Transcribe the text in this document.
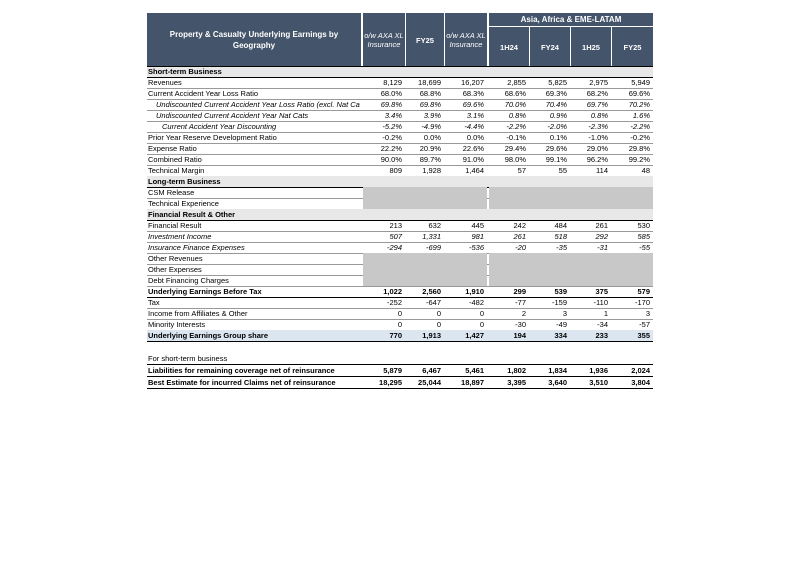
Property & Casualty Underlying Earnings by Geography
Asia, Africa & EME-LATAM
o/w AXA XL Insurance	FY25	o/w AXA XL Insurance	1H24	FY24	1H25	FY25
Short-term Business
Revenues	8,129	18,699	16,207	2,855	5,825	2,975	5,949
Current Accident Year Loss Ratio	68.0%	68.8%	68.3%	68.6%	69.3%	68.2%	69.6%
Undiscounted Current Accident Year Loss Ratio (excl. Nat Ca	69.8%	69.8%	69.6%	70.0%	70.4%	69.7%	70.2%
Undiscounted Current Accident Year Nat Cats	3.4%	3.9%	3.1%	0.8%	0.9%	0.8%	1.6%
Current Accident Year Discounting	-5.2%	-4.9%	-4.4%	-2.2%	-2.0%	-2.3%	-2.2%
Prior Year Reserve Development Ratio	-0.2%	0.0%	0.0%	-0.1%	0.1%	-1.0%	-0.2%
Expense Ratio	22.2%	20.9%	22.6%	29.4%	29.6%	29.0%	29.8%
Combined Ratio	90.0%	89.7%	91.0%	98.0%	99.1%	96.2%	99.2%
Technical Margin	809	1,928	1,464	57	55	114	48
Long-term Business
CSM Release
Technical Experience
Financial Result & Other
Financial Result	213	632	445	242	484	261	530
Investment Income	507	1,331	981	261	518	292	585
Insurance Finance Expenses	-294	-699	-536	-20	-35	-31	-55
Other Revenues
Other Expenses
Debt Financing Charges
Underlying Earnings Before Tax	1,022	2,560	1,910	299	539	375	579
Tax	-252	-647	-482	-77	-159	-110	-170
Income from Affiliates & Other	0	0	0	2	3	1	3
Minority Interests	0	0	0	-30	-49	-34	-57
Underlying Earnings Group share	770	1,913	1,427	194	334	233	355
For short-term business
Liabilities for remaining coverage net of reinsurance	5,879	6,467	5,461	1,802	1,834	1,936	2,024
Best Estimate for incurred Claims net of reinsurance	18,295	25,044	18,897	3,395	3,640	3,510	3,804
